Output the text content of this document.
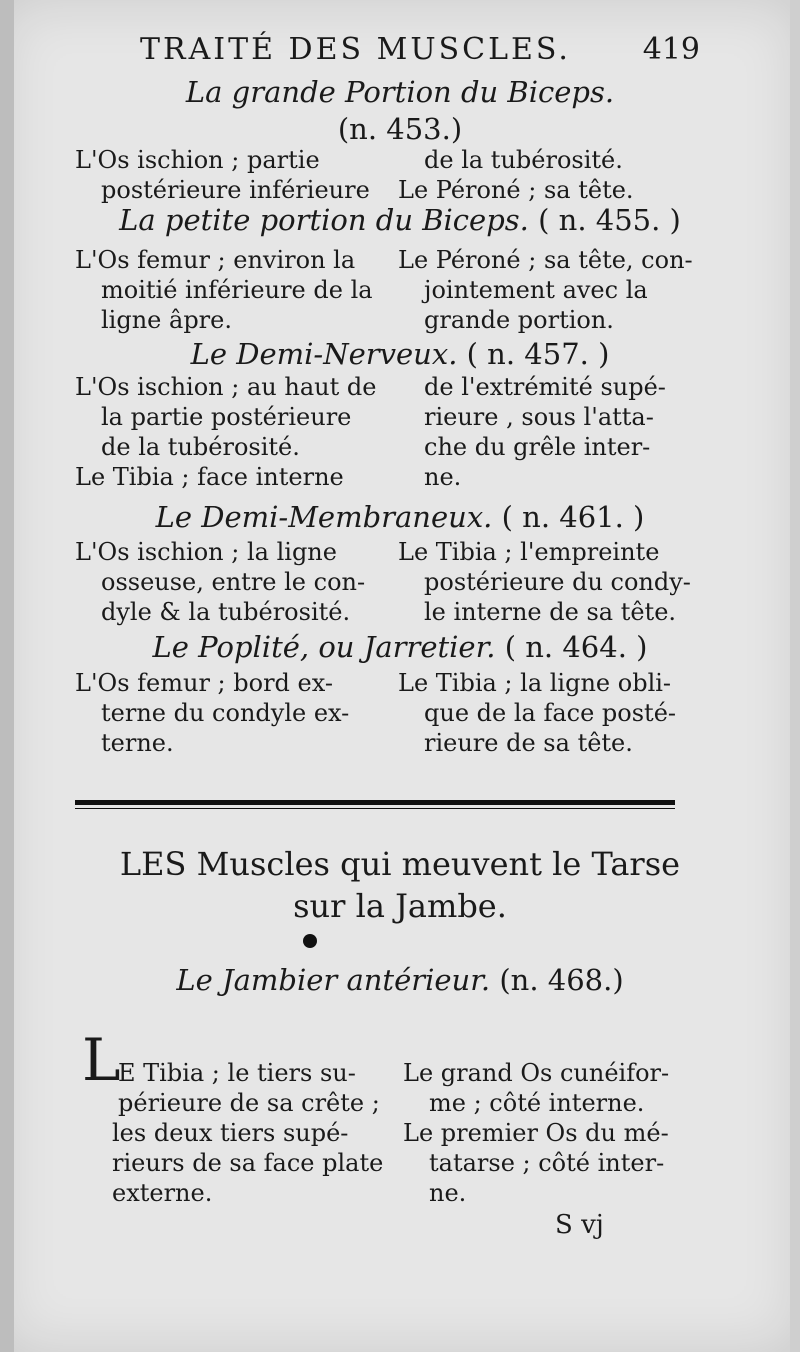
TRAITÉ DES MUSCLES. 419
La grande Portion du Biceps.
(n. 453.)
L'Os ischion ; partie
postérieure inférieure
de la tubérosité.
Le Péroné ; sa tête.
La petite portion du Biceps. ( n. 455. )
L'Os femur ; environ la
moitié inférieure de la
ligne âpre.
Le Péroné ; sa tête, con-
jointement avec la
grande portion.
Le Demi-Nerveux. ( n. 457. )
L'Os ischion ; au haut de
la partie postérieure
de la tubérosité.
Le Tibia ; face interne
de l'extrémité supé-
rieure , sous l'atta-
che du grêle inter-
ne.
Le Demi-Membraneux. ( n. 461. )
L'Os ischion ; la ligne
osseuse, entre le con-
dyle & la tubérosité.
Le Tibia ; l'empreinte
postérieure du condy-
le interne de sa tête.
Le Poplité, ou Jarretier. ( n. 464. )
L'Os femur ; bord ex-
terne du condyle ex-
terne.
Le Tibia ; la ligne obli-
que de la face posté-
rieure de sa tête.
LES Muscles qui meuvent le Tarse
sur la Jambe.
Le Jambier antérieur. (n. 468.)
L
E Tibia ; le tiers su-
périeure de sa crête ;
les deux tiers supé-
rieurs de sa face plate
externe.
Le grand Os cunéifor-
me ; côté interne.
Le premier Os du mé-
tatarse ; côté inter-
ne.
S vj
